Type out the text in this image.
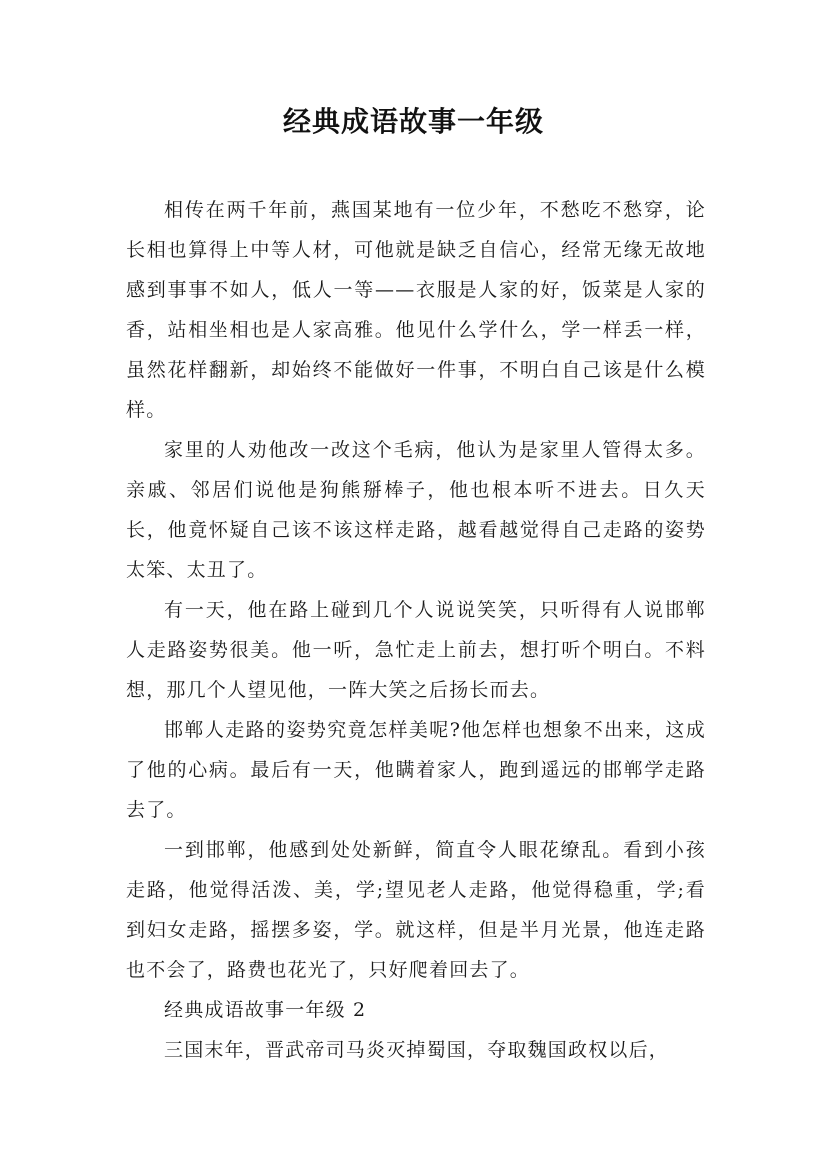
经典成语故事一年级

相传在两千年前，燕国某地有一位少年，不愁吃不愁穿，论长相也算得上中等人材，可他就是缺乏自信心，经常无缘无故地感到事事不如人，低人一等——衣服是人家的好，饭菜是人家的香，站相坐相也是人家高雅。他见什么学什么，学一样丢一样，虽然花样翻新，却始终不能做好一件事，不明白自己该是什么模样。

家里的人劝他改一改这个毛病，他认为是家里人管得太多。亲戚、邻居们说他是狗熊掰棒子，他也根本听不进去。日久天长，他竟怀疑自己该不该这样走路，越看越觉得自己走路的姿势太笨、太丑了。

有一天，他在路上碰到几个人说说笑笑，只听得有人说邯郸人走路姿势很美。他一听，急忙走上前去，想打听个明白。不料想，那几个人望见他，一阵大笑之后扬长而去。

邯郸人走路的姿势究竟怎样美呢?他怎样也想象不出来，这成了他的心病。最后有一天，他瞒着家人，跑到遥远的邯郸学走路去了。

一到邯郸，他感到处处新鲜，简直令人眼花缭乱。看到小孩走路，他觉得活泼、美，学;望见老人走路，他觉得稳重，学;看到妇女走路，摇摆多姿，学。就这样，但是半月光景，他连走路也不会了，路费也花光了，只好爬着回去了。

经典成语故事一年级 2

三国末年，晋武帝司马炎灭掉蜀国，夺取魏国政权以后，
